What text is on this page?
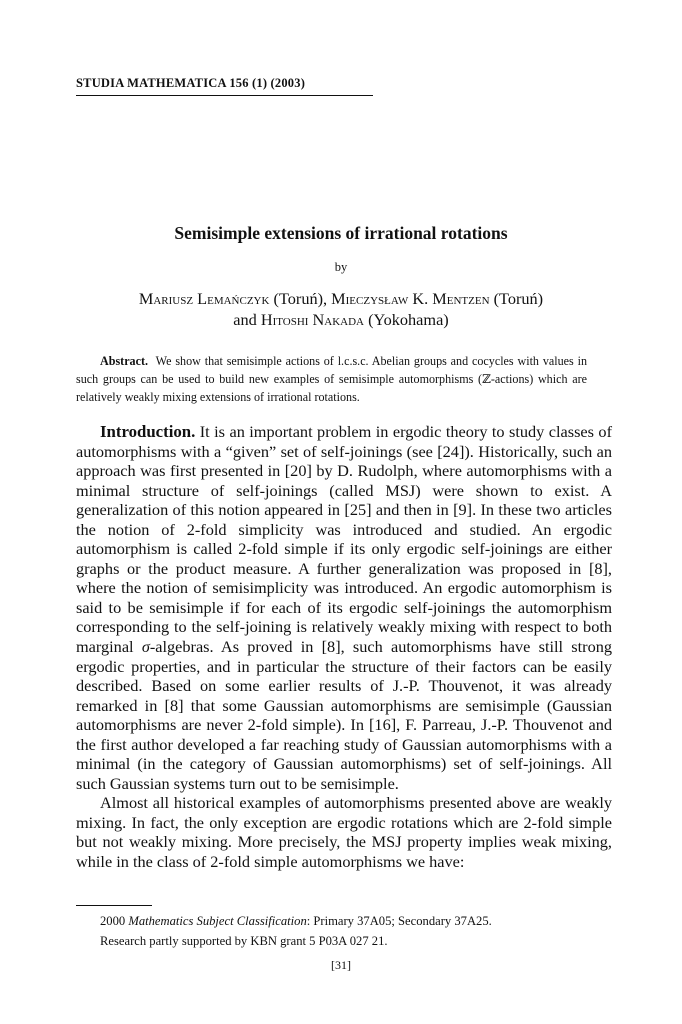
STUDIA MATHEMATICA 156 (1) (2003)
Semisimple extensions of irrational rotations
by
Mariusz Lemańczyk (Toruń), Mieczysław K. Mentzen (Toruń)
and Hitoshi Nakada (Yokohama)
Abstract. We show that semisimple actions of l.c.s.c. Abelian groups and cocycles with values in such groups can be used to build new examples of semisimple automorphisms (ℤ-actions) which are relatively weakly mixing extensions of irrational rotations.

Introduction. It is an important problem in ergodic theory to study classes of automorphisms with a “given” set of self-joinings (see [24]). Historically, such an approach was first presented in [20] by D. Rudolph, where automorphisms with a minimal structure of self-joinings (called MSJ) were shown to exist. A generalization of this notion appeared in [25] and then in [9]. In these two articles the notion of 2-fold simplicity was introduced and studied. An ergodic automorphism is called 2-fold simple if its only ergodic self-joinings are either graphs or the product measure. A further generalization was proposed in [8], where the notion of semisimplicity was introduced. An ergodic automorphism is said to be semisimple if for each of its ergodic self-joinings the automorphism corresponding to the self-joining is relatively weakly mixing with respect to both marginal σ-algebras. As proved in [8], such automorphisms have still strong ergodic properties, and in particular the structure of their factors can be easily described. Based on some earlier results of J.-P. Thouvenot, it was already remarked in [8] that some Gaussian automorphisms are semisimple (Gaussian automorphisms are never 2-fold simple). In [16], F. Parreau, J.-P. Thouvenot and the first author developed a far reaching study of Gaussian automorphisms with a minimal (in the category of Gaussian automorphisms) set of self-joinings. All such Gaussian systems turn out to be semisimple.

Almost all historical examples of automorphisms presented above are weakly mixing. In fact, the only exception are ergodic rotations which are 2-fold simple but not weakly mixing. More precisely, the MSJ property implies weak mixing, while in the class of 2-fold simple automorphisms we have:

2000 Mathematics Subject Classification: Primary 37A05; Secondary 37A25.
Research partly supported by KBN grant 5 P03A 027 21.
[31]
